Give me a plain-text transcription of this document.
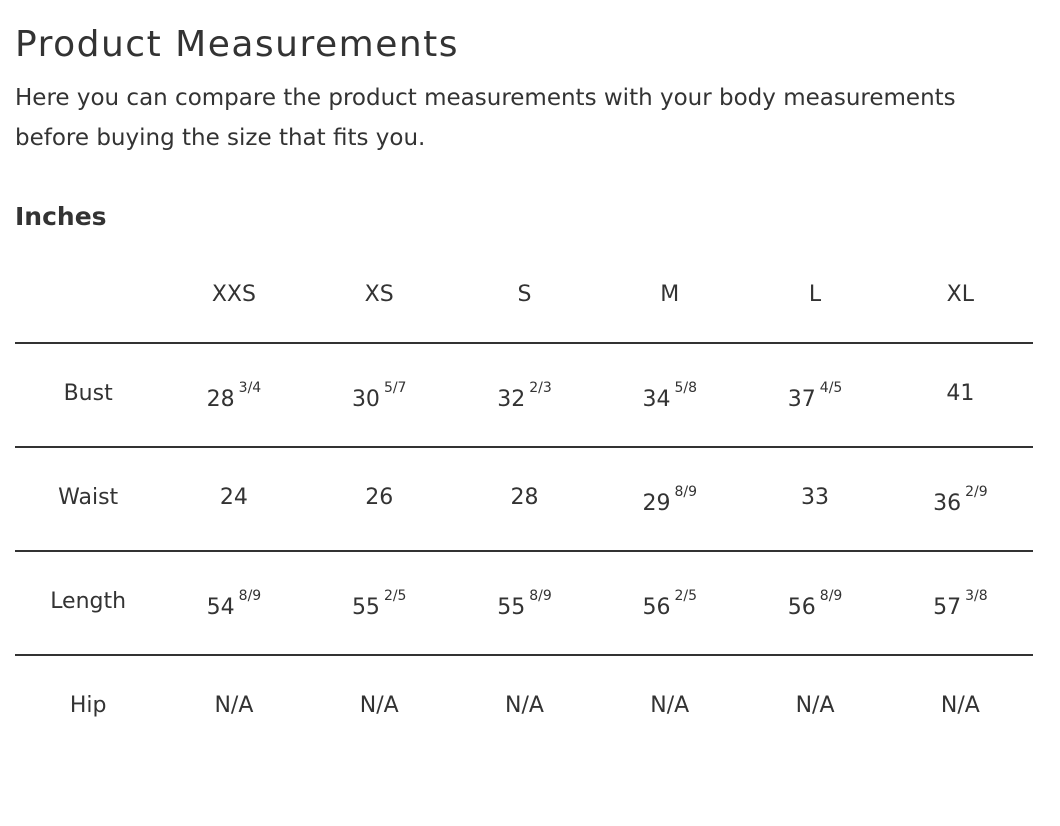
Product Measurements

Here you can compare the product measurements with your body measurements before buying the size that fits you.

Inches
	XXS	XS	S	M	L	XL
Bust	28 $^{3/4}$	30 $^{5/7}$	32 $^{2/3}$	34 $^{5/8}$	37 $^{4/5}$	41
Waist	24	26	28	29 $^{8/9}$	33	36 $^{2/9}$
Length	54 $^{8/9}$	55 $^{2/5}$	55 $^{8/9}$	56 $^{2/5}$	56 $^{8/9}$	57 $^{3/8}$
Hip	N/A	N/A	N/A	N/A	N/A	N/A
